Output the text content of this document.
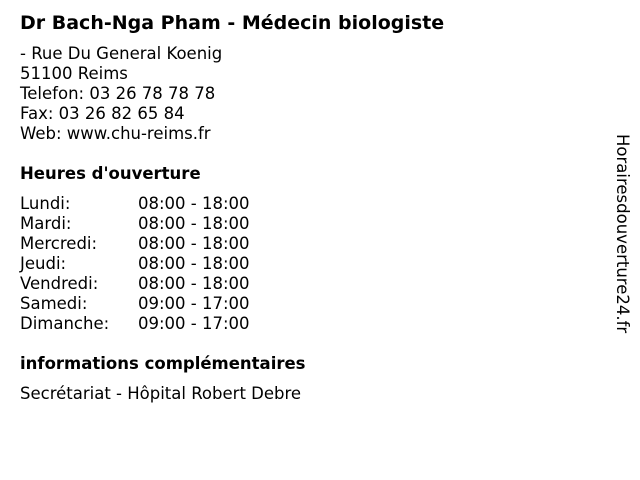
Dr Bach-Nga Pham - Médecin biologiste
- Rue Du General Koenig
51100 Reims
Telefon: 03 26 78 78 78
Fax: 03 26 82 65 84
Web: www.chu-reims.fr
Heures d'ouverture
Lundi:	08:00 - 18:00
Mardi:	08:00 - 18:00
Mercredi:	08:00 - 18:00
Jeudi:	08:00 - 18:00
Vendredi:	08:00 - 18:00
Samedi:	09:00 - 17:00
Dimanche:	09:00 - 17:00
informations complémentaires
Secrétariat - Hôpital Robert Debre
Horairesdouverture24.fr
